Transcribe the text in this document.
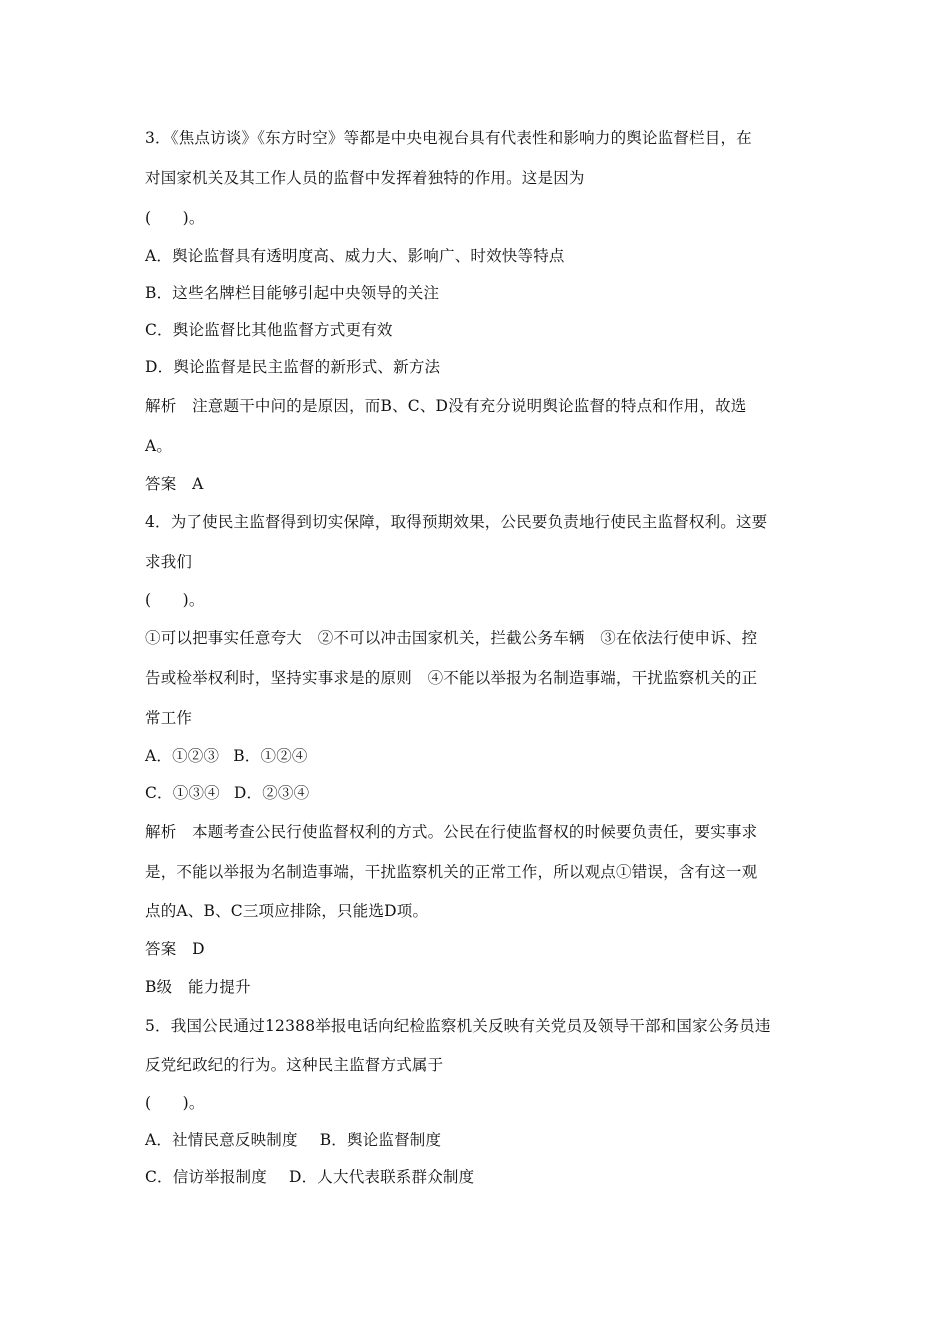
3．《焦点访谈》《东方时空》等都是中央电视台具有代表性和影响力的舆论监督栏目，在
对国家机关及其工作人员的监督中发挥着独特的作用。这是因为
(　　)。
A．舆论监督具有透明度高、威力大、影响广、时效快等特点
B．这些名牌栏目能够引起中央领导的关注
C．舆论监督比其他监督方式更有效
D．舆论监督是民主监督的新形式、新方法
解析　注意题干中问的是原因，而B、C、D没有充分说明舆论监督的特点和作用，故选
A。
答案　A
4．为了使民主监督得到切实保障，取得预期效果，公民要负责地行使民主监督权利。这要
求我们
(　　)。
①可以把事实任意夸大　②不可以冲击国家机关，拦截公务车辆　③在依法行使申诉、控
告或检举权利时，坚持实事求是的原则　④不能以举报为名制造事端，干扰监察机关的正
常工作
A．①②③ B．①②④
C．①③④ D．②③④
解析　本题考查公民行使监督权利的方式。公民在行使监督权的时候要负责任，要实事求
是，不能以举报为名制造事端，干扰监察机关的正常工作，所以观点①错误，含有这一观
点的A、B、C三项应排除，只能选D项。
答案　D
B级　能力提升
5．我国公民通过12388举报电话向纪检监察机关反映有关党员及领导干部和国家公务员违
反党纪政纪的行为。这种民主监督方式属于
(　　)。
A．社情民意反映制度 B．舆论监督制度
C．信访举报制度 D．人大代表联系群众制度
